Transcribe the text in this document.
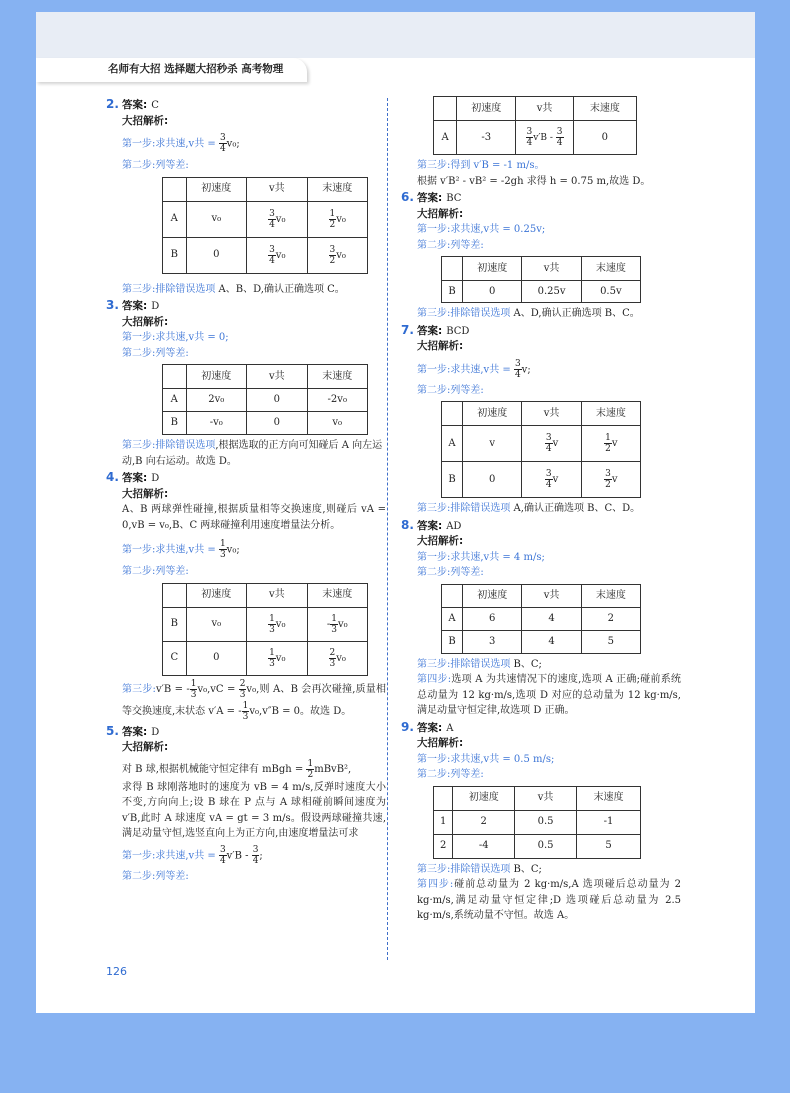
名师有大招 选择题大招秒杀 高考物理
2. 答案: C
大招解析:
第一步:求共速,v共 = $\frac{3}{4} v_0$;
第二步:列等差:
	初速度	v共	末速度
A	v₀	$\frac{3}{4} v_0$	$\frac{1}{2} v_0$
B	0	$\frac{3}{4} v_0$	$\frac{3}{2} v_0$
第三步:排除错误选项 A、B、D,确认正确选项 C。
3. 答案: D
大招解析:
第一步:求共速,v共 = 0;
第二步:列等差:
	初速度	v共	末速度
A	2v₀	0	-2v₀
B	-v₀	0	v₀
第三步:排除错误选项,根据选取的正方向可知碰后 A 向左运动,B 向右运动。故选 D。
4. 答案: D
大招解析:
A、B 两球弹性碰撞,根据质量相等交换速度,则碰后 vA = 0,vB = v₀,B、C 两球碰撞利用速度增量法分析。
第一步:求共速,v共 = $\frac{1}{3} v_0$;
第二步:列等差:
	初速度	v共	末速度
B	v₀	$\frac{1}{3} v_0$	- $\frac{1}{3} v_0$
C	0	$\frac{1}{3} v_0$	$\frac{2}{3} v_0$
第三步:v′B = - $\frac{1}{3} v_0,vC = \frac{2}{3} v_0$,则 A、B 会再次碰撞,质量相等交换速度,末状态 v′A = - $\frac{1}{3} v_0,v''B = 0$。故选 D。
5. 答案: D
大招解析:
对 B 球,根据机械能守恒定律有 mBgh = $\frac{1}{2}$ mBvB²,
求得 B 球刚落地时的速度为 vB = 4 m/s,反弹时速度大小不变,方向向上;设 B 球在 P 点与 A 球相碰前瞬间速度为 v′B,此时 A 球速度 vA = gt = 3 m/s。假设两球碰撞共速,满足动量守恒,选竖直向上为正方向,由速度增量法可求
第一步:求共速,v共 = $\frac{3}{4} v'B - \frac{3}{4}$ ;
第二步:列等差:
	初速度	v共	末速度
A	-3	$\frac{3}{4} v'B - \frac{3}{4}$	0
第三步:得到 v′B = -1 m/s。
根据 v′B² - vB² = -2gh 求得 h = 0.75 m,故选 D。
6. 答案: BC
大招解析:
第一步:求共速,v共 = 0.25v;
第二步:列等差:
	初速度	v共	末速度
B	0	0.25v	0.5v
第三步:排除错误选项 A、D,确认正确选项 B、C。
7. 答案: BCD
大招解析:
第一步:求共速,v共 = $\frac{3}{4} v$;
第二步:列等差:
	初速度	v共	末速度
A	v	$\frac{3}{4}$ v	$\frac{1}{2}$ v
B	0	$\frac{3}{4}$ v	$\frac{3}{2}$ v
第三步:排除错误选项 A,确认正确选项 B、C、D。
8. 答案: AD
大招解析:
第一步:求共速,v共 = 4 m/s;
第二步:列等差:
	初速度	v共	末速度
A	6	4	2
B	3	4	5
第三步:排除错误选项 B、C;
第四步:选项 A 为共速情况下的速度,选项 A 正确;碰前系统总动量为 12 kg·m/s,选项 D 对应的总动量为 12 kg·m/s,满足动量守恒定律,故选项 D 正确。
9. 答案: A
大招解析:
第一步:求共速,v共 = 0.5 m/s;
第二步:列等差:
	初速度	v共	末速度
1	2	0.5	-1
2	-4	0.5	5
第三步:排除错误选项 B、C;
第四步:碰前总动量为 2 kg·m/s,A 选项碰后总动量为 2 kg·m/s,满足动量守恒定律;D 选项碰后总动量为 2.5 kg·m/s,系统动量不守恒。故选 A。
126
